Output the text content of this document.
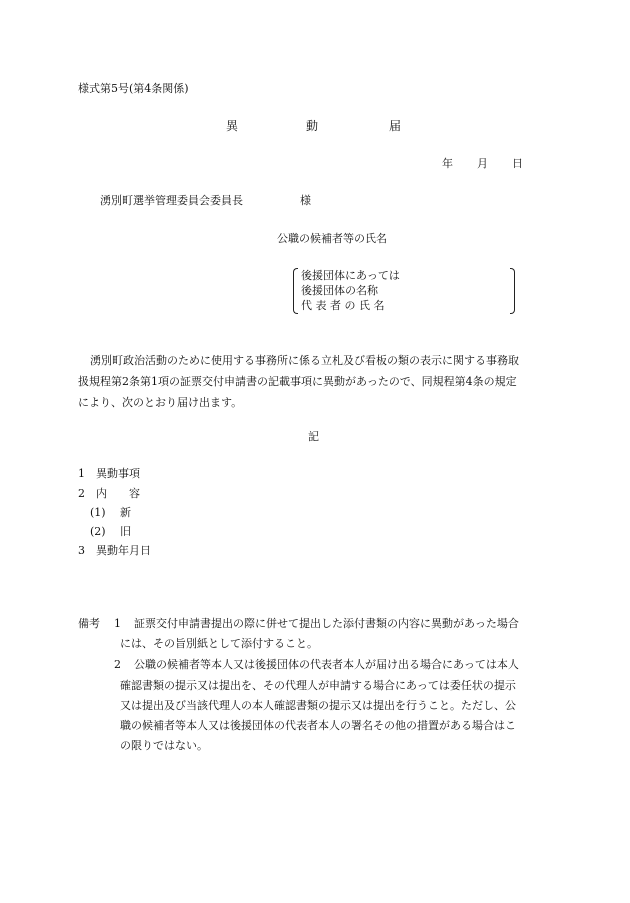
様式第5号(第4条関係)
異	動	届
年 月 日
湧別町選挙管理委員会委員長	様
公職の候補者等の氏名
後援団体にあっては
後援団体の名称
代 表 者 の 氏 名
湧別町政治活動のために使用する事務所に係る立札及び看板の類の表示に関する事務取
扱規程第2条第1項の証票交付申請書の記載事項に異動があったので、同規程第4条の規定
により、次のとおり届け出ます。
記
1 異動事項
2 内　　容
(1) 新
(2) 旧
3 異動年月日
備考 1 証票交付申請書提出の際に併せて提出した添付書類の内容に異動があった場合
には、その旨別紙として添付すること。
2 公職の候補者等本人又は後援団体の代表者本人が届け出る場合にあっては本人
確認書類の提示又は提出を、その代理人が申請する場合にあっては委任状の提示
又は提出及び当該代理人の本人確認書類の提示又は提出を行うこと。ただし、公
職の候補者等本人又は後援団体の代表者本人の署名その他の措置がある場合はこ
の限りではない。
